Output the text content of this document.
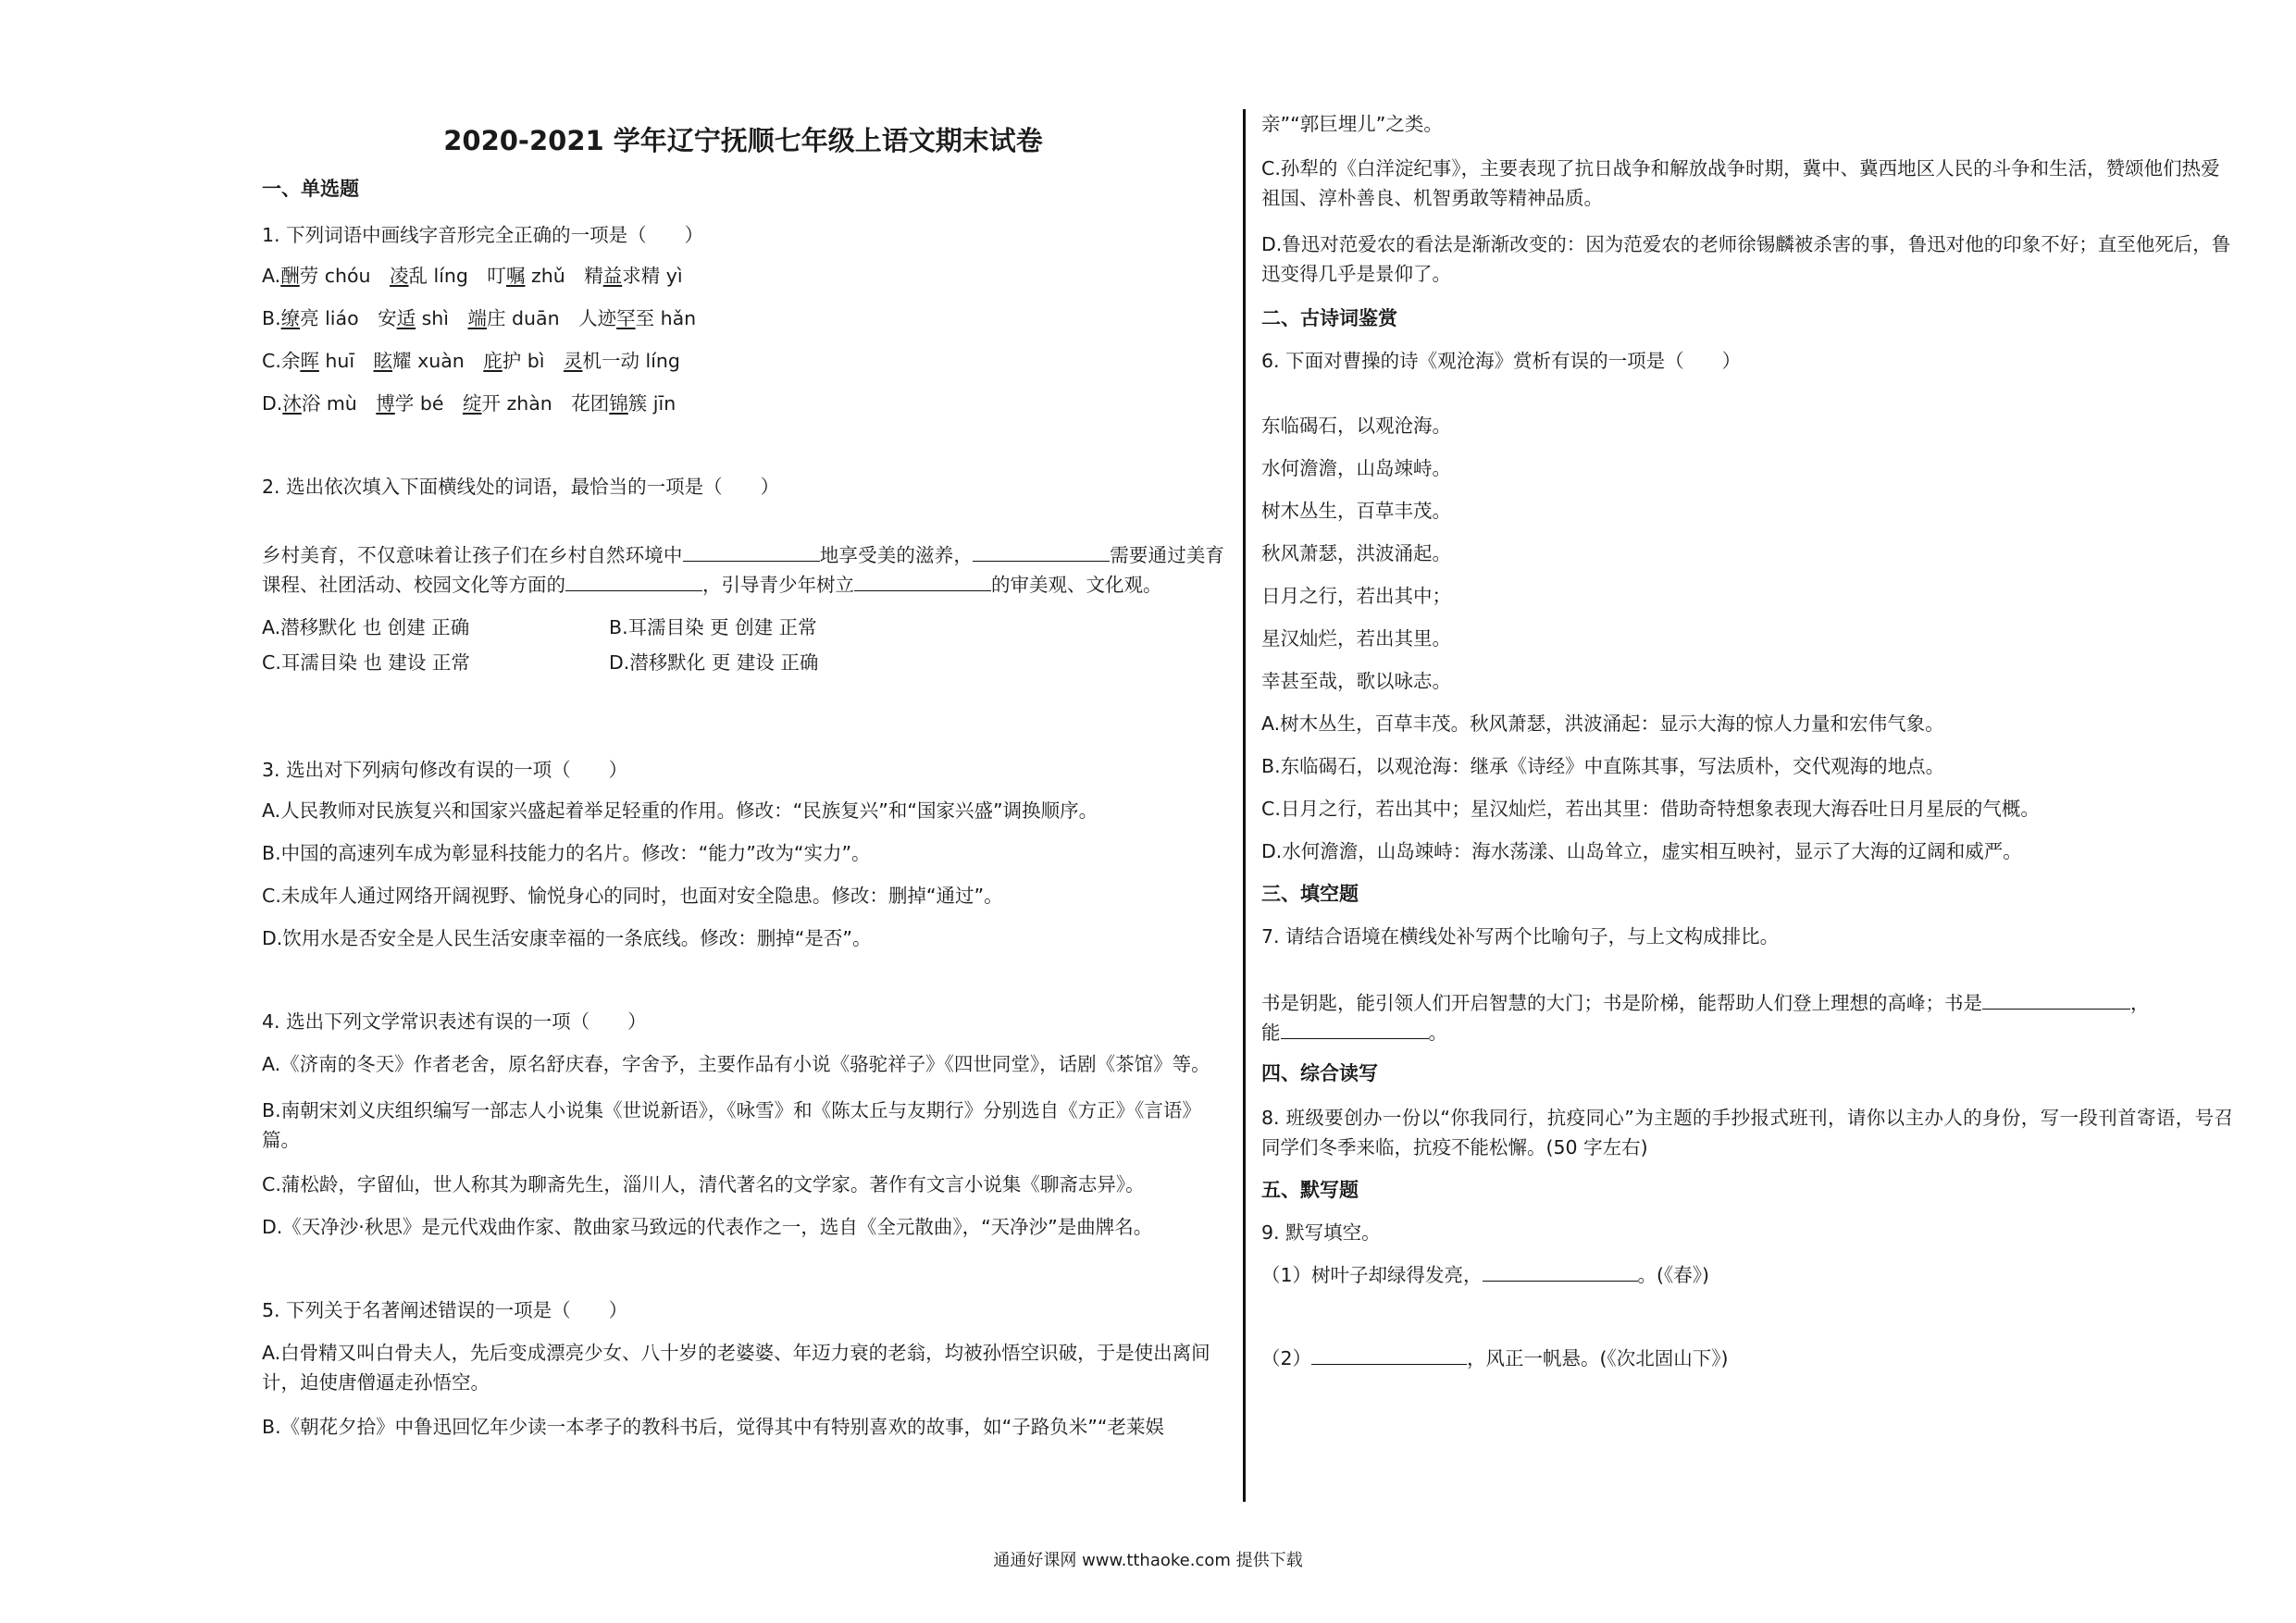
2020-2021 学年辽宁抚顺七年级上语文期末试卷
一、单选题
1. 下列词语中画线字音形完全正确的一项是（　　）
A.酬劳 chóu　凌乱 líng　叮嘱 zhǔ　精益求精 yì
B.缭亮 liáo　安适 shì　端庄 duān　人迹罕至 hǎn
C.余晖 huī　眩耀 xuàn　庇护 bì　灵机一动 líng
D.沐浴 mù　博学 bé　绽开 zhàn　花团锦簇 jīn
2. 选出依次填入下面横线处的词语，最恰当的一项是（　　）
乡村美育，不仅意味着让孩子们在乡村自然环境中	地享受美的滋养，	需要通过美育课程、社团活动、校园文化等方面的	，引导青少年树立	的审美观、文化观。
A.潜移默化 也 创建 正确	B.耳濡目染 更 创建 正常
C.耳濡目染 也 建设 正常	D.潜移默化 更 建设 正确
3. 选出对下列病句修改有误的一项（　　）
A.人民教师对民族复兴和国家兴盛起着举足轻重的作用。修改：“民族复兴”和“国家兴盛”调换顺序。
B.中国的高速列车成为彰显科技能力的名片。修改：“能力”改为“实力”。
C.未成年人通过网络开阔视野、愉悦身心的同时，也面对安全隐患。修改：删掉“通过”。
D.饮用水是否安全是人民生活安康幸福的一条底线。修改：删掉“是否”。
4. 选出下列文学常识表述有误的一项（　　）
A.《济南的冬天》作者老舍，原名舒庆春，字舍予，主要作品有小说《骆驼祥子》《四世同堂》，话剧《茶馆》等。
B.南朝宋刘义庆组织编写一部志人小说集《世说新语》，《咏雪》和《陈太丘与友期行》分别选自《方正》《言语》篇。
C.蒲松龄，字留仙，世人称其为聊斋先生，淄川人，清代著名的文学家。著作有文言小说集《聊斋志异》。
D.《天净沙·秋思》是元代戏曲作家、散曲家马致远的代表作之一，选自《全元散曲》，“天净沙”是曲牌名。
5. 下列关于名著阐述错误的一项是（　　）
A.白骨精又叫白骨夫人，先后变成漂亮少女、八十岁的老婆婆、年迈力衰的老翁，均被孙悟空识破，于是使出离间计，迫使唐僧逼走孙悟空。
B.《朝花夕拾》中鲁迅回忆年少读一本孝子的教科书后，觉得其中有特别喜欢的故事，如“子路负米”“老莱娱
亲”“郭巨埋儿”之类。
C.孙犁的《白洋淀纪事》，主要表现了抗日战争和解放战争时期，冀中、冀西地区人民的斗争和生活，赞颂他们热爱祖国、淳朴善良、机智勇敢等精神品质。
D.鲁迅对范爱农的看法是渐渐改变的：因为范爱农的老师徐锡麟被杀害的事，鲁迅对他的印象不好；直至他死后，鲁迅变得几乎是景仰了。
二、古诗词鉴赏
6. 下面对曹操的诗《观沧海》赏析有误的一项是（　　）
东临碣石，以观沧海。
水何澹澹，山岛竦峙。
树木丛生，百草丰茂。
秋风萧瑟，洪波涌起。
日月之行，若出其中；
星汉灿烂，若出其里。
幸甚至哉，歌以咏志。
A.树木丛生，百草丰茂。秋风萧瑟，洪波涌起：显示大海的惊人力量和宏伟气象。
B.东临碣石，以观沧海：继承《诗经》中直陈其事，写法质朴，交代观海的地点。
C.日月之行，若出其中；星汉灿烂，若出其里：借助奇特想象表现大海吞吐日月星辰的气概。
D.水何澹澹，山岛竦峙：海水荡漾、山岛耸立，虚实相互映衬，显示了大海的辽阔和威严。
三、填空题
7. 请结合语境在横线处补写两个比喻句子，与上文构成排比。
书是钥匙，能引领人们开启智慧的大门；书是阶梯，能帮助人们登上理想的高峰；书是	，
能	。
四、综合读写
8. 班级要创办一份以“你我同行，抗疫同心”为主题的手抄报式班刊，请你以主办人的身份，写一段刊首寄语，号召同学们冬季来临，抗疫不能松懈。(50 字左右)
五、默写题
9. 默写填空。
（1）树叶子却绿得发亮，	。(《春》)
（2）	，风正一帆悬。(《次北固山下》)
通通好课网 www.tthaoke.com 提供下载
